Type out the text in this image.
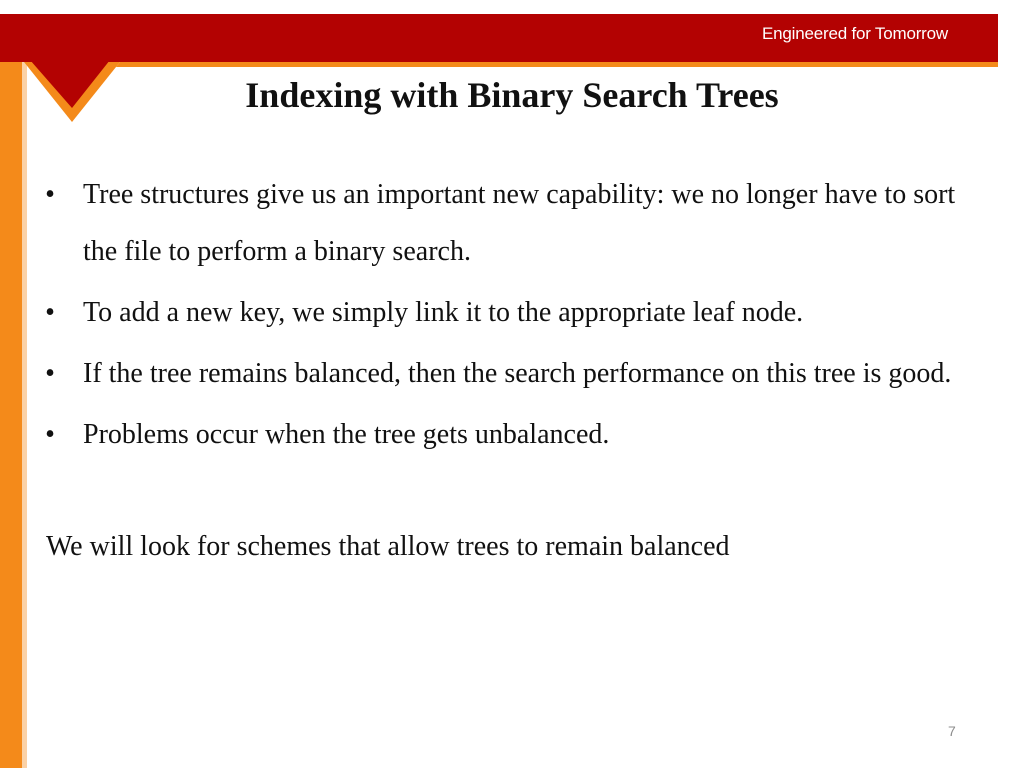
Engineered for Tomorrow
Indexing with Binary Search Trees
• Tree structures give us an important new capability: we no longer have to sort the file to perform a binary search.
• To add a new key, we simply link it to the appropriate leaf node.
• If the tree remains balanced, then the search performance on this tree is good.
• Problems occur when the tree gets unbalanced.
We will look for schemes that allow trees to remain balanced
7
